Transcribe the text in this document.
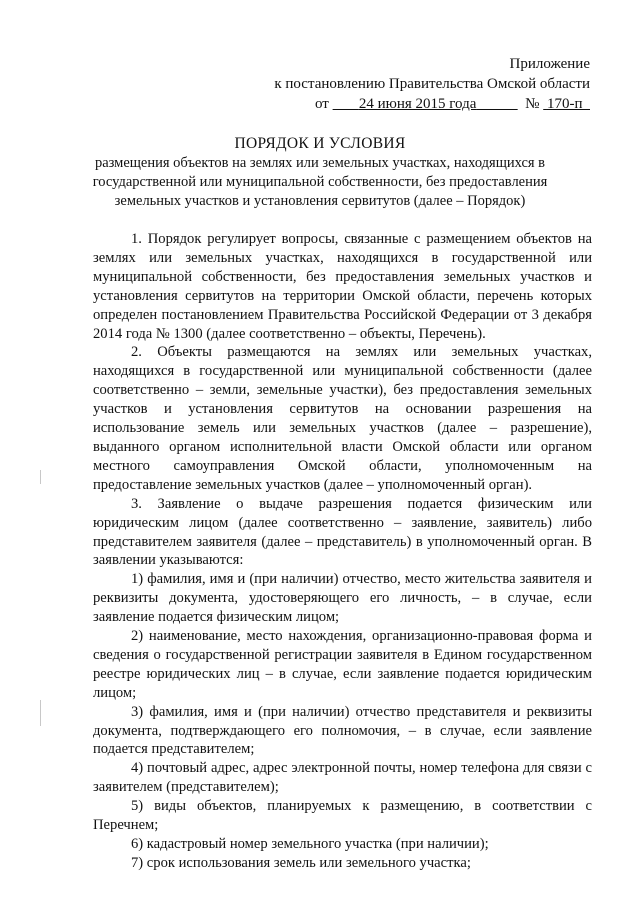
Приложение
к постановлению Правительства Омской области
от 24 июня 2015 года	№ 170-п
ПОРЯДОК И УСЛОВИЯ
размещения объектов на землях или земельных участках, находящихся в
государственной или муниципальной собственности, без предоставления
земельных участков и установления сервитутов (далее – Порядок)

1. Порядок регулирует вопросы, связанные с размещением объектов на землях или земельных участках, находящихся в государственной или муниципальной собственности, без предоставления земельных участков и установления сервитутов на территории Омской области, перечень которых определен постановлением Правительства Российской Федерации от 3 декабря 2014 года № 1300 (далее соответственно – объекты, Перечень).

2. Объекты размещаются на землях или земельных участках, находящихся в государственной или муниципальной собственности (далее соответственно – земли, земельные участки), без предоставления земельных участков и установления сервитутов на основании разрешения на использование земель или земельных участков (далее – разрешение), выданного органом исполнительной власти Омской области или органом местного самоуправления Омской области, уполномоченным на предоставление земельных участков (далее – уполномоченный орган).

3. Заявление о выдаче разрешения подается физическим или юридическим лицом (далее соответственно – заявление, заявитель) либо представителем заявителя (далее – представитель) в уполномоченный орган. В заявлении указываются:

1) фамилия, имя и (при наличии) отчество, место жительства заявителя и реквизиты документа, удостоверяющего его личность, – в случае, если заявление подается физическим лицом;

2) наименование, место нахождения, организационно-правовая форма и сведения о государственной регистрации заявителя в Едином государственном реестре юридических лиц – в случае, если заявление подается юридическим лицом;

3) фамилия, имя и (при наличии) отчество представителя и реквизиты документа, подтверждающего его полномочия, – в случае, если заявление подается представителем;

4) почтовый адрес, адрес электронной почты, номер телефона для связи с заявителем (представителем);

5) виды объектов, планируемых к размещению, в соответствии с Перечнем;

6) кадастровый номер земельного участка (при наличии);

7) срок использования земель или земельного участка;
